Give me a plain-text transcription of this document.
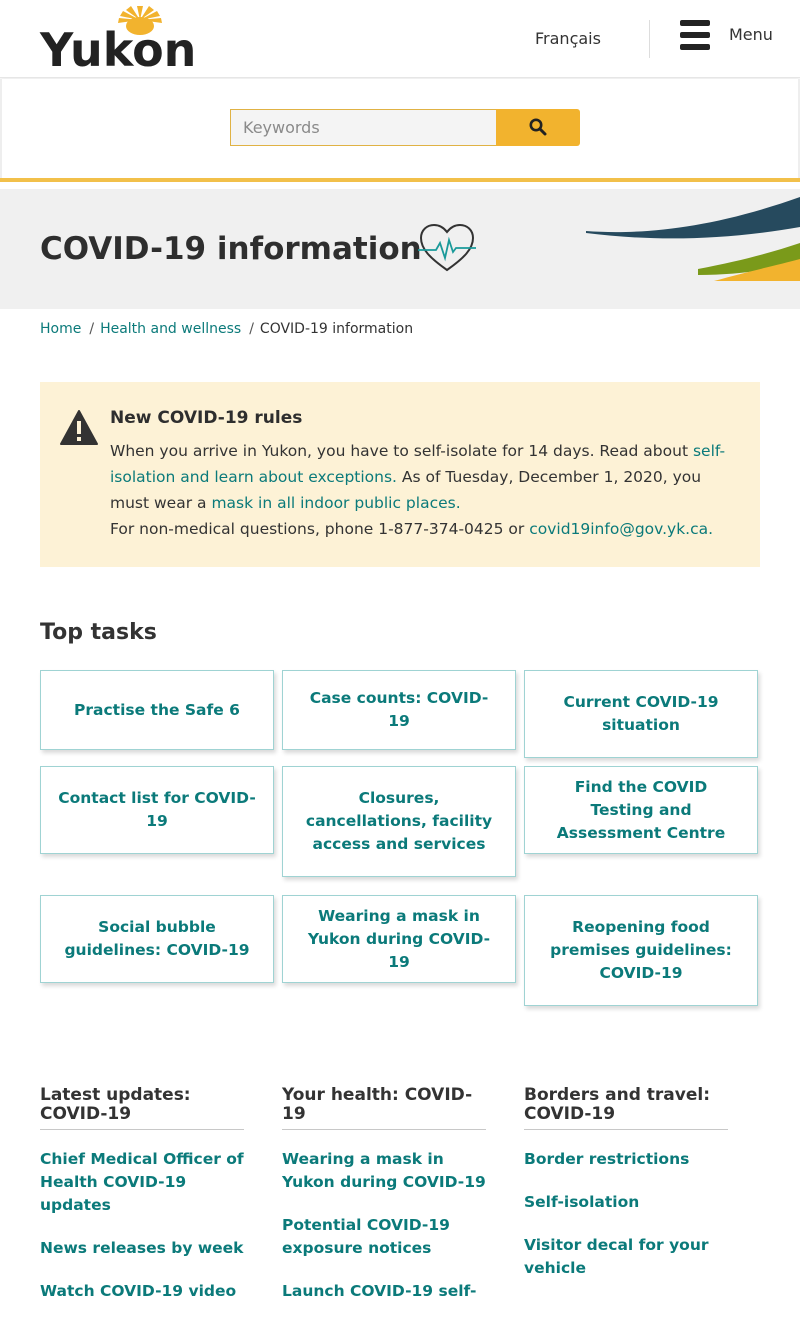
Yukon	Français	Menu
Keywords
COVID-19 information
Home / Health and wellness / COVID-19 information
New COVID-19 rules
When you arrive in Yukon, you have to self-isolate for 14 days. Read about self-isolation and learn about exceptions. As of Tuesday, December 1, 2020, you must wear a mask in all indoor public places.
For non-medical questions, phone 1-877-374-0425 or covid19info@gov.yk.ca.
Top tasks
Practise the Safe 6
Case counts: COVID-19
Current COVID-19 situation
Contact list for COVID-19
Closures, cancellations, facility access and services
Find the COVID Testing and Assessment Centre
Social bubble guidelines: COVID-19
Wearing a mask in Yukon during COVID-19
Reopening food premises guidelines: COVID-19
Latest updates: COVID-19
Chief Medical Officer of Health COVID-19 updates
News releases by week
Watch COVID-19 video
Your health: COVID-19
Wearing a mask in Yukon during COVID-19
Potential COVID-19 exposure notices
Launch COVID-19 self-
Borders and travel: COVID-19
Border restrictions
Self-isolation
Visitor decal for your vehicle
